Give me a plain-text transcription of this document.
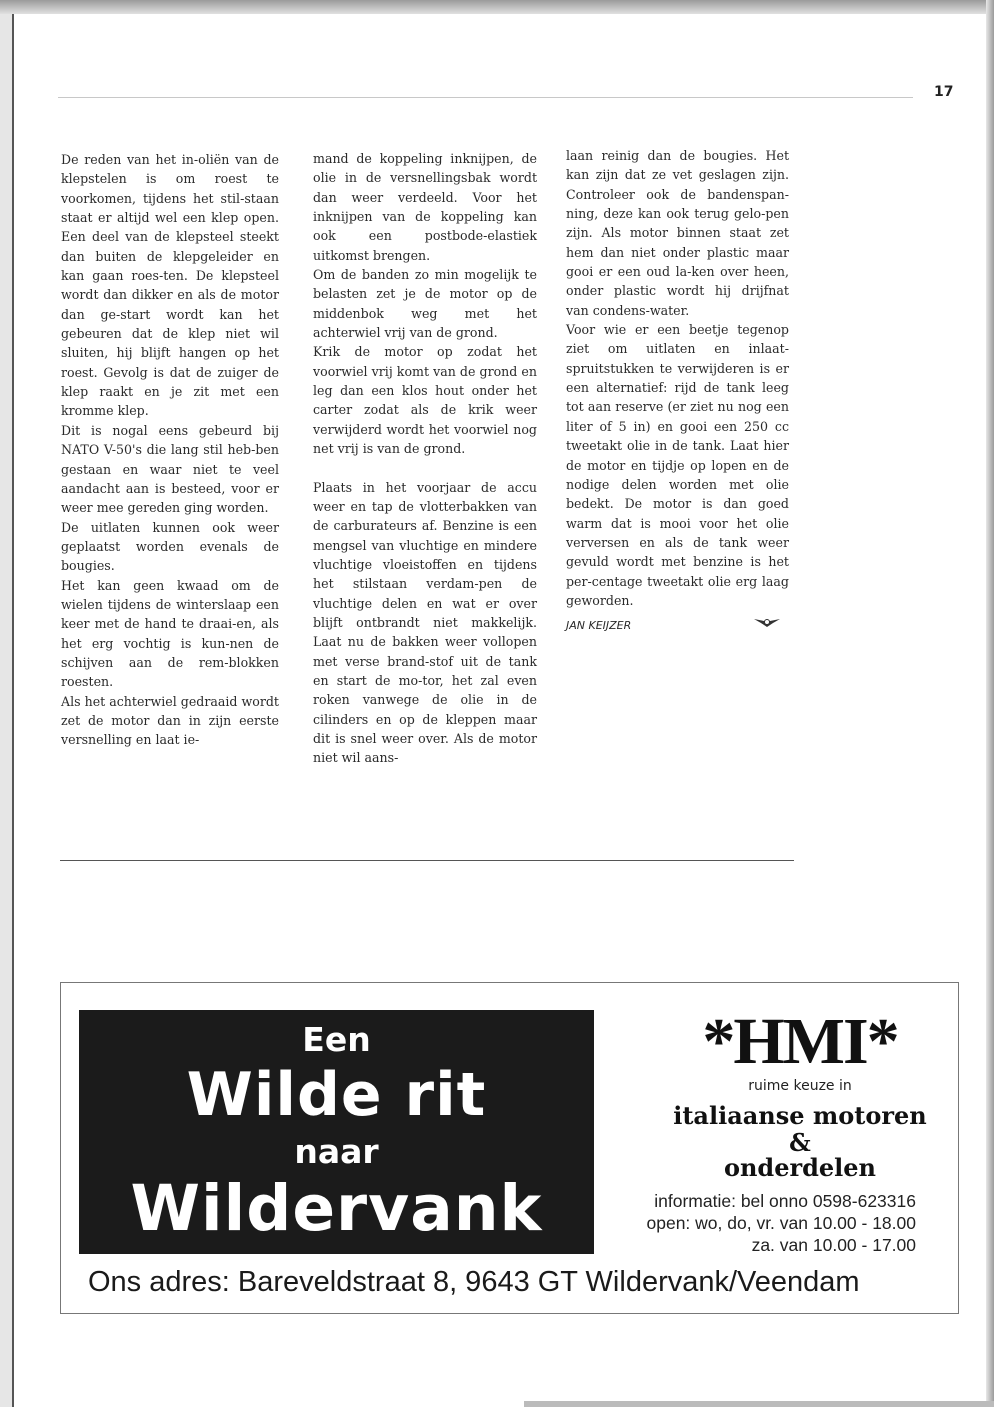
17

De reden van het in-oliën van de klepstelen is om roest te voorkomen, tijdens het stil-staan staat er altijd wel een klep open. Een deel van de klepsteel steekt dan buiten de klepgeleider en kan gaan roes-ten. De klepsteel wordt dan dikker en als de motor dan ge-start wordt kan het gebeuren dat de klep niet wil sluiten, hij blijft hangen op het roest. Gevolg is dat de zuiger de klep raakt en je zit met een kromme klep.

Dit is nogal eens gebeurd bij NATO V-50's die lang stil heb-ben gestaan en waar niet te veel aandacht aan is besteed, voor er weer mee gereden ging worden.

De uitlaten kunnen ook weer geplaatst worden evenals de bougies.

Het kan geen kwaad om de wielen tijdens de winterslaap een keer met de hand te draai-en, als het erg vochtig is kun-nen de schijven aan de rem-blokken roesten.

Als het achterwiel gedraaid wordt zet de motor dan in zijn eerste versnelling en laat ie-

mand de koppeling inknijpen, de olie in de versnellingsbak wordt dan weer verdeeld. Voor het inknijpen van de koppeling kan ook een postbode-elastiek uitkomst brengen.

Om de banden zo min mogelijk te belasten zet je de motor op de middenbok weg met het achterwiel vrij van de grond.

Krik de motor op zodat het voorwiel vrij komt van de grond en leg dan een klos hout onder het carter zodat als de krik weer verwijderd wordt het voorwiel nog net vrij is van de grond.

Plaats in het voorjaar de accu weer en tap de vlotterbakken van de carburateurs af. Benzine is een mengsel van vluchtige en mindere vluchtige vloeistoffen en tijdens het stilstaan verdam-pen de vluchtige delen en wat er over blijft ontbrandt niet makkelijk. Laat nu de bakken weer vollopen met verse brand-stof uit de tank en start de mo-tor, het zal even roken vanwege de olie in de cilinders en op de kleppen maar dit is snel weer over. Als de motor niet wil aans-

laan reinig dan de bougies. Het kan zijn dat ze vet geslagen zijn. Controleer ook de bandenspan-ning, deze kan ook terug gelo-pen zijn. Als motor binnen staat zet hem dan niet onder plastic maar gooi er een oud la-ken over heen, onder plastic wordt hij drijfnat van condens-water.

Voor wie er een beetje tegenop ziet om uitlaten en inlaat-spruitstukken te verwijderen is er een alternatief: rijd de tank leeg tot aan reserve (er ziet nu nog een liter of 5 in) en gooi een 250 cc tweetakt olie in de tank. Laat hier de motor en tijdje op lopen en de nodige delen worden met olie bedekt. De motor is dan goed warm dat is mooi voor het olie verversen en als de tank weer gevuld wordt met benzine is het per-centage tweetakt olie erg laag geworden.

JAN KEIJZER
Een
Wilde rit
naar
Wildervank
*HMI*
ruime keuze in
italiaanse motoren
&
onderdelen
informatie: bel onno 0598-623316
open: wo, do, vr. van 10.00 - 18.00
za. van 10.00 - 17.00
Ons adres: Bareveldstraat 8, 9643 GT Wildervank/Veendam
